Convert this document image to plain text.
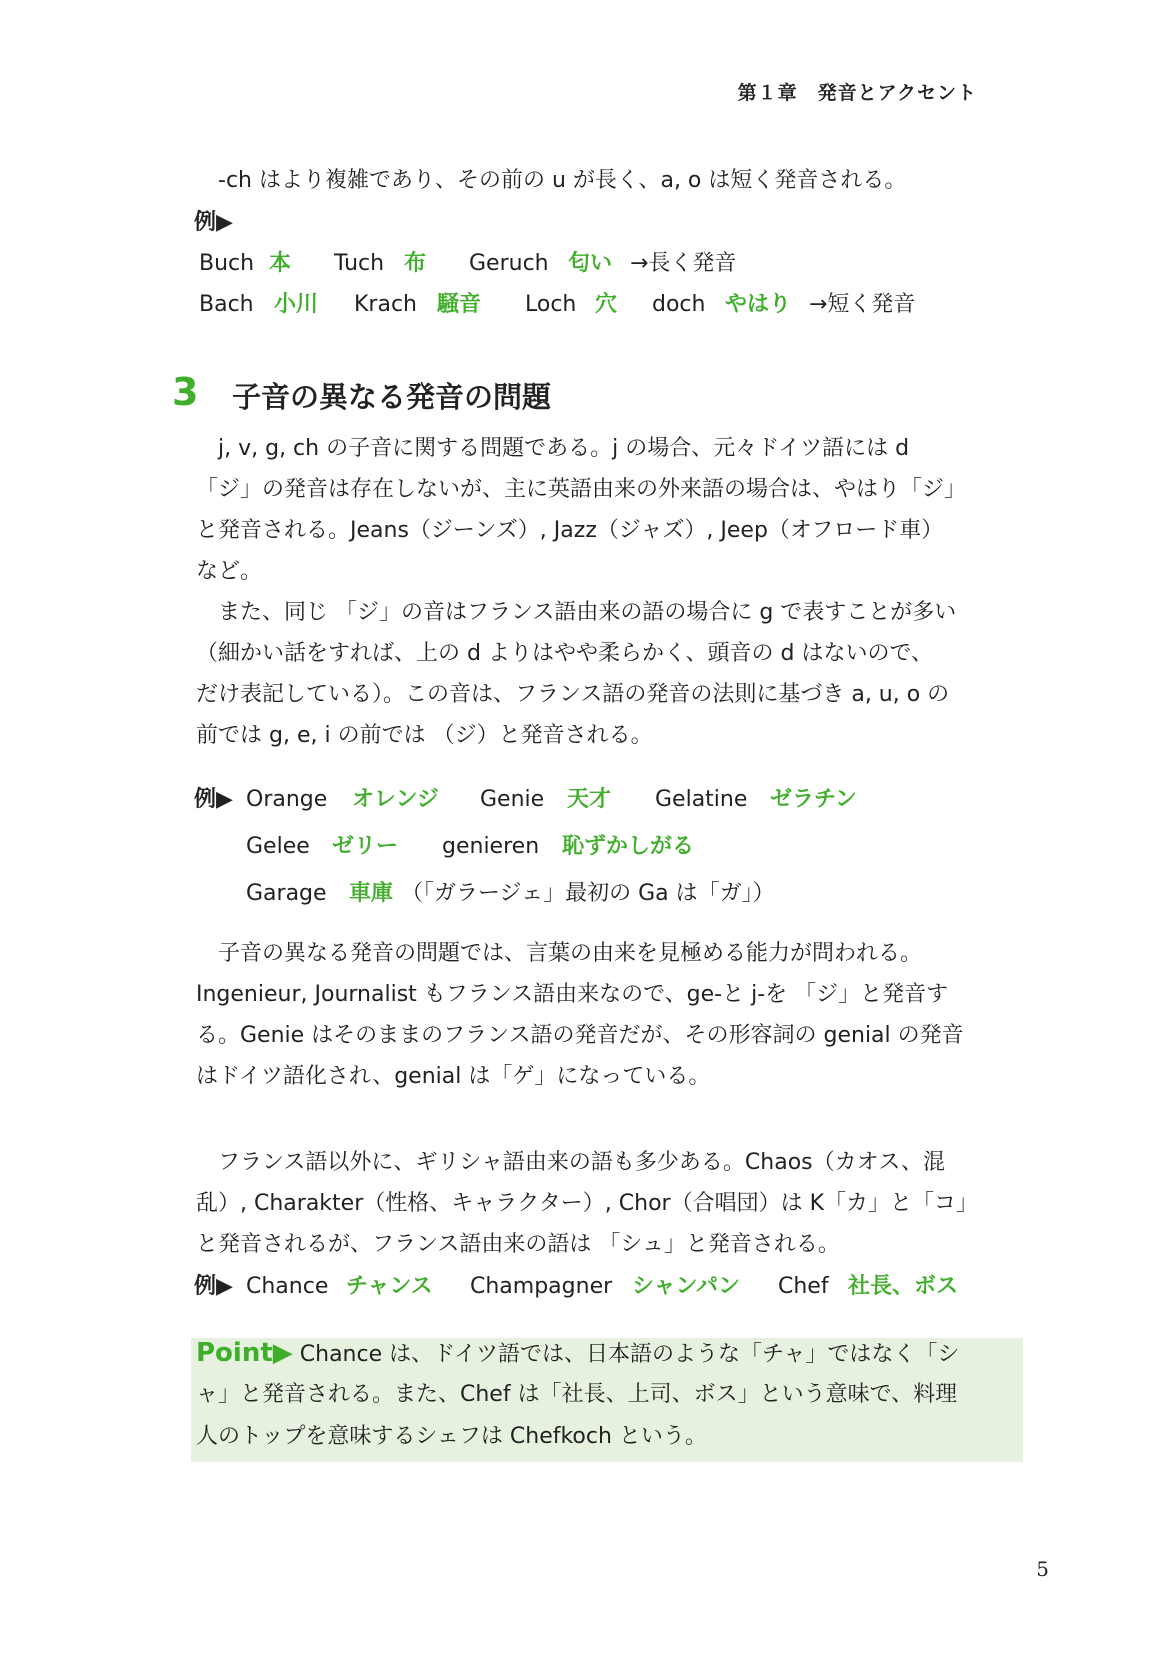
第１章　発音とアクセント
-ch はより複雑であり、その前の u が長く、a, o は短く発音される。
例▶
Buch 本 Tuch 布 Geruch 匂い →長く発音
Bach 小川 Krach 騒音 Loch 穴 doch やはり →短く発音
3 子音の異なる発音の問題
j, v, g, ch の子音に関する問題である。j の場合、元々ドイツ語には d
「ジ」の発音は存在しないが、主に英語由来の外来語の場合は、やはり「ジ」
と発音される。Jeans（ジーンズ）, Jazz（ジャズ）, Jeep（オフロード車）
など。
また、同じ 「ジ」の音はフランス語由来の語の場合に g で表すことが多い
（細かい話をすれば、上の d よりはやや柔らかく、頭音の d はないので、
だけ表記している）。この音は、フランス語の発音の法則に基づき a, u, o の
前では g, e, i の前では （ジ）と発音される。
例▶ Orange オレンジ Genie 天才 Gelatine ゼラチン
Gelee ゼリー genieren 恥ずかしがる
Garage 車庫 （「ガラージェ」最初の Ga は「ガ」）
子音の異なる発音の問題では、言葉の由来を見極める能力が問われる。
Ingenieur, Journalist もフランス語由来なので、ge-と j-を 「ジ」と発音す
る。Genie はそのままのフランス語の発音だが、その形容詞の genial の発音
はドイツ語化され、genial は「ゲ」になっている。
フランス語以外に、ギリシャ語由来の語も多少ある。Chaos（カオス、混
乱）, Charakter（性格、キャラクター）, Chor（合唱団）は K「カ」と「コ」
と発音されるが、フランス語由来の語は 「シュ」と発音される。
例▶ Chance チャンス Champagner シャンパン Chef 社長、ボス
Point▶ Chance は、ドイツ語では、日本語のような「チャ」ではなく「シ
ャ」と発音される。また、Chef は「社長、上司、ボス」という意味で、料理
人のトップを意味するシェフは Chefkoch という。
5
